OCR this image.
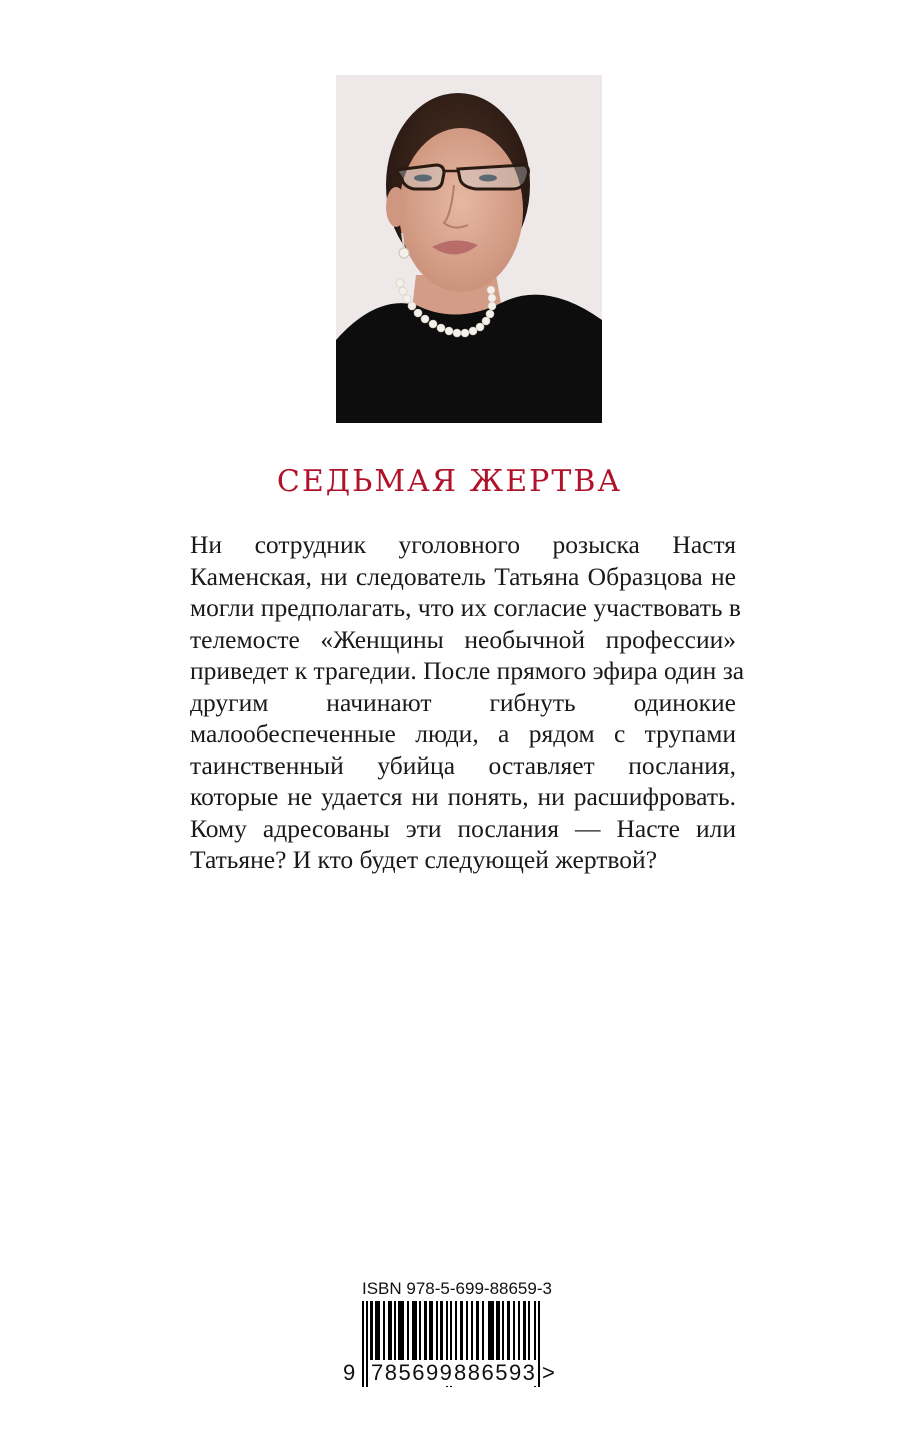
СЕДЬМАЯ ЖЕРТВА
Ни сотрудник уголовного розыска Настя
Каменская, ни следователь Татьяна Образцова не
могли предполагать, что их согласие участвовать в
телемосте «Женщины необычной профессии»
приведет к трагедии. После прямого эфира один за
другим начинают гибнуть одинокие
малообеспеченные люди, а рядом с трупами
таинственный убийца оставляет послания,
которые не удается ни понять, ни расшифровать.
Кому адресованы эти послания — Насте или
Татьяне? И кто будет следующей жертвой?
ISBN 978-5-699-88659-3
9 785699 886593 >
